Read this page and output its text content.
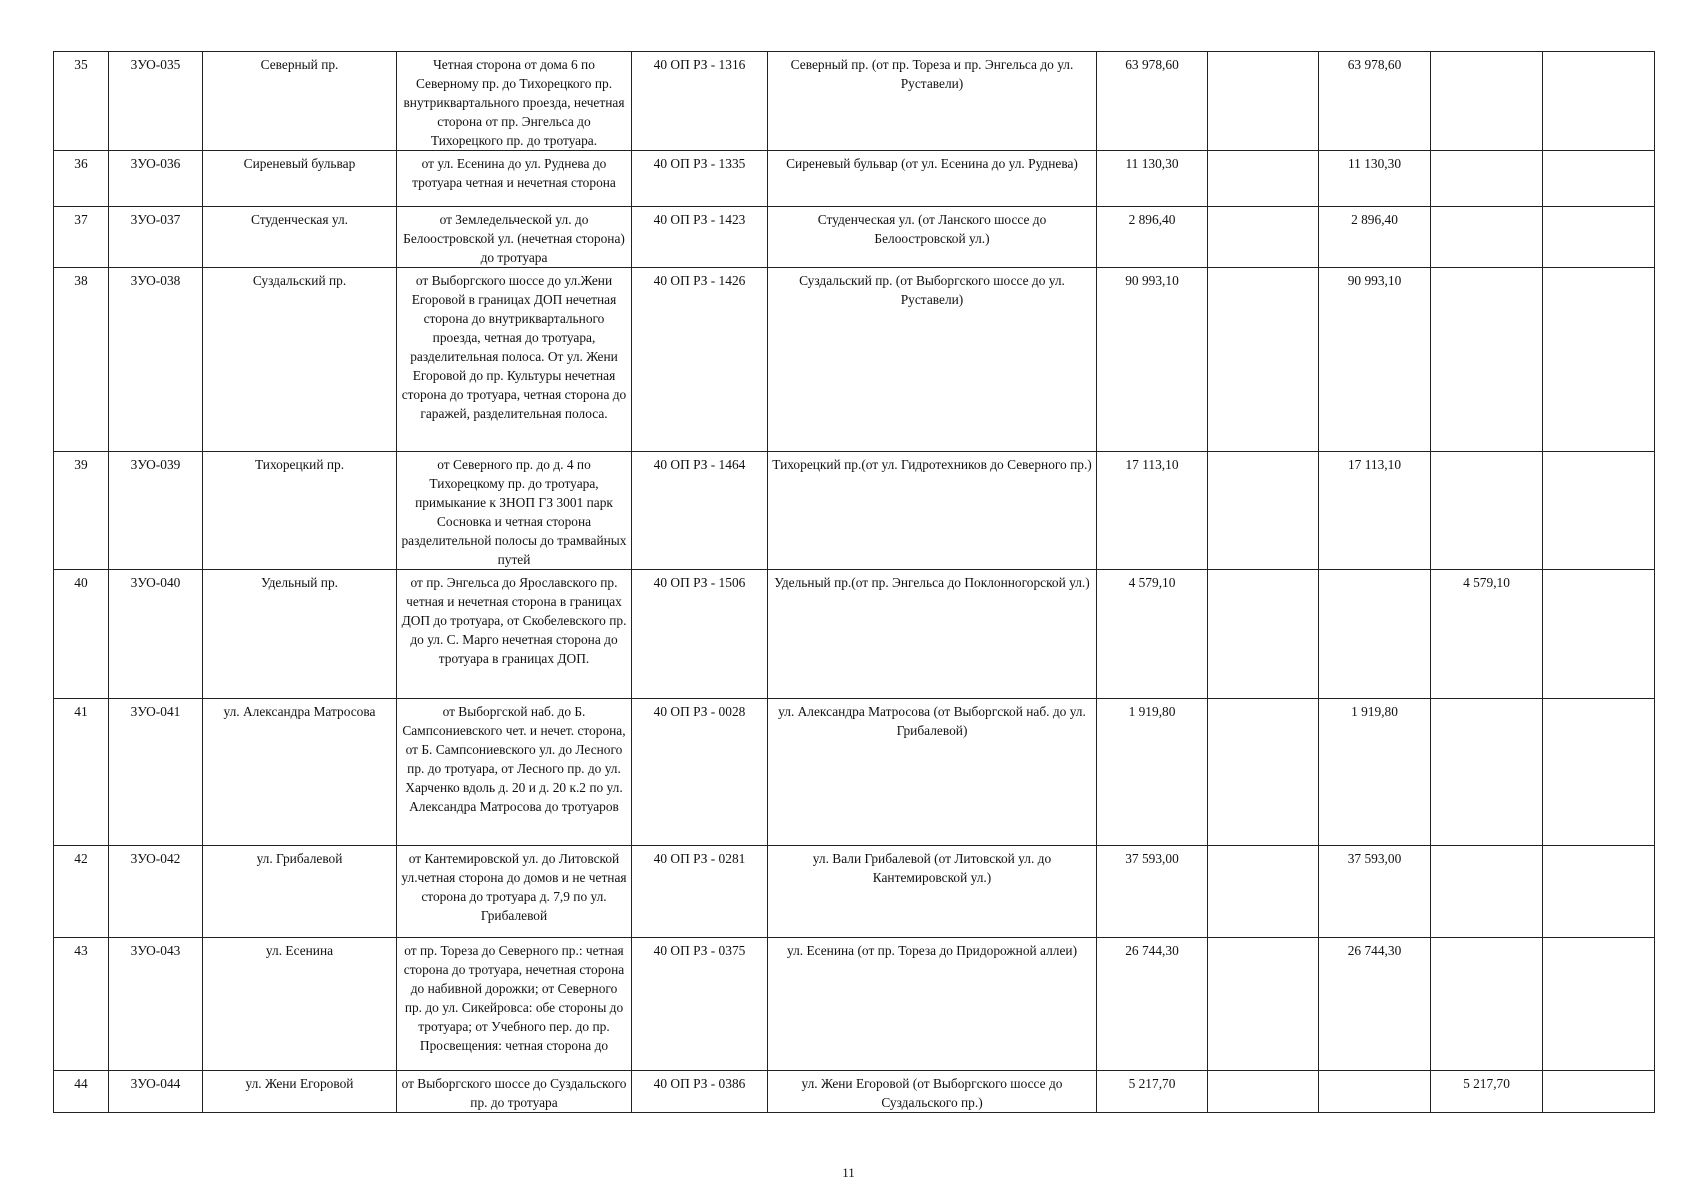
35	3УО-035	Северный пр.	Четная сторона от дома 6 по Северному пр. до Тихорецкого пр. внутриквартального проезда, нечетная сторона от пр. Энгельса до Тихорецкого пр. до тротуара.	40 ОП РЗ - 1316	Северный пр. (от пр. Тореза и пр. Энгельса до ул. Руставели)	63 978,60		63 978,60		
36	3УО-036	Сиреневый бульвар	от ул. Есенина до ул. Руднева до тротуара четная и нечетная сторона	40 ОП РЗ - 1335	Сиреневый бульвар (от ул. Есенина до ул. Руднева)	11 130,30		11 130,30		
37	3УО-037	Студенческая ул.	от Земледельческой ул. до Белоостровской ул. (нечетная сторона) до тротуара	40 ОП РЗ - 1423	Студенческая ул. (от Ланского шоссе до Белоостровской ул.)	2 896,40		2 896,40		
38	3УО-038	Суздальский пр.	от Выборгского шоссе до ул.Жени Егоровой в границах ДОП нечетная сторона до внутриквартального проезда, четная до тротуара, разделительная полоса. От ул. Жени Егоровой до пр. Культуры нечетная сторона до тротуара, четная сторона до гаражей, разделительная полоса.	40 ОП РЗ - 1426	Суздальский пр. (от Выборгского шоссе до ул. Руставели)	90 993,10		90 993,10		
39	3УО-039	Тихорецкий пр.	от Северного пр. до д. 4 по Тихорецкому пр. до тротуара, примыкание к ЗНОП ГЗ 3001 парк Сосновка и четная сторона разделительной полосы до трамвайных путей	40 ОП РЗ - 1464	Тихорецкий пр.(от ул. Гидротехников до Северного пр.)	17 113,10		17 113,10		
40	3УО-040	Удельный пр.	от пр. Энгельса до Ярославского пр. четная и нечетная сторона в границах ДОП до тротуара, от Скобелевского пр. до ул. С. Марго нечетная сторона до тротуара в границах ДОП.	40 ОП РЗ - 1506	Удельный пр.(от пр. Энгельса до Поклонногорской ул.)	4 579,10			4 579,10	
41	3УО-041	ул. Александра Матросова	от Выборгской наб. до Б. Сампсониевского чет. и нечет. сторона, от Б. Сампсониевского ул. до Лесного пр. до тротуара, от Лесного пр. до ул. Харченко вдоль д. 20 и д. 20 к.2 по ул. Александра Матросова до тротуаров	40 ОП РЗ - 0028	ул. Александра Матросова (от Выборгской наб. до ул. Грибалевой)	1 919,80		1 919,80		
42	3УО-042	ул. Грибалевой	от Кантемировской ул. до Литовской ул.четная сторона до домов и не четная сторона до тротуара д. 7,9 по ул. Грибалевой	40 ОП РЗ - 0281	ул. Вали Грибалевой (от Литовской ул. до Кантемировской ул.)	37 593,00		37 593,00		
43	3УО-043	ул. Есенина	от пр. Тореза до Северного пр.: четная сторона до тротуара, нечетная сторона до набивной дорожки; от Северного пр. до ул. Сикейровса: обе стороны до тротуара; от Учебного пер. до пр. Просвещения: четная сторона до	40 ОП РЗ - 0375	ул. Есенина (от пр. Тореза до Придорожной аллеи)	26 744,30		26 744,30		
44	3УО-044	ул. Жени Егоровой	от Выборгского шоссе до Суздальского пр. до тротуара	40 ОП РЗ - 0386	ул. Жени Егоровой (от Выборгского шоссе до Суздальского пр.)	5 217,70			5 217,70	
11
